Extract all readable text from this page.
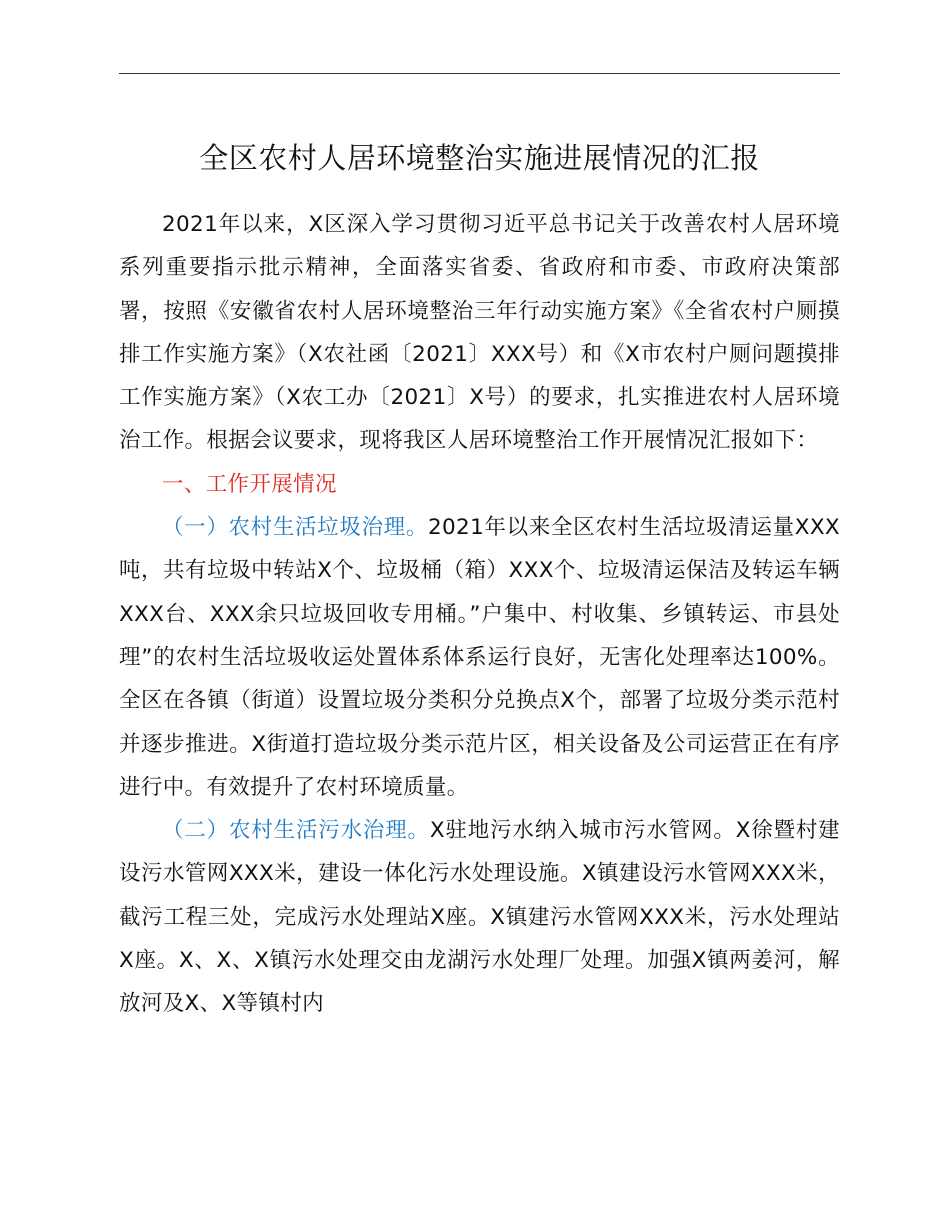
全区农村人居环境整治实施进展情况的汇报

2021年以来，X区深入学习贯彻习近平总书记关于改善农村人居环境系列重要指示批示精神，全面落实省委、省政府和市委、市政府决策部署，按照《安徽省农村人居环境整治三年行动实施方案》《全省农村户厕摸排工作实施方案》（X农社函〔2021〕XXX号）和《X市农村户厕问题摸排工作实施方案》（X农工办〔2021〕X号）的要求，扎实推进农村人居环境治工作。根据会议要求，现将我区人居环境整治工作开展情况汇报如下：

一、工作开展情况

（一）农村生活垃圾治理。2021年以来全区农村生活垃圾清运量XXX吨，共有垃圾中转站X个、垃圾桶（箱）XXX个、垃圾清运保洁及转运车辆XXX台、XXX余只垃圾回收专用桶。”户集中、村收集、乡镇转运、市县处理”的农村生活垃圾收运处置体系体系运行良好，无害化处理率达100%。全区在各镇（街道）设置垃圾分类积分兑换点X个，部署了垃圾分类示范村并逐步推进。X街道打造垃圾分类示范片区，相关设备及公司运营正在有序进行中。有效提升了农村环境质量。

（二）农村生活污水治理。X驻地污水纳入城市污水管网。X徐暨村建设污水管网XXX米，建设一体化污水处理设施。X镇建设污水管网XXX米，截污工程三处，完成污水处理站X座。X镇建污水管网XXX米，污水处理站X座。X、X、X镇污水处理交由龙湖污水处理厂处理。加强X镇两姜河，解放河及X、X等镇村内
